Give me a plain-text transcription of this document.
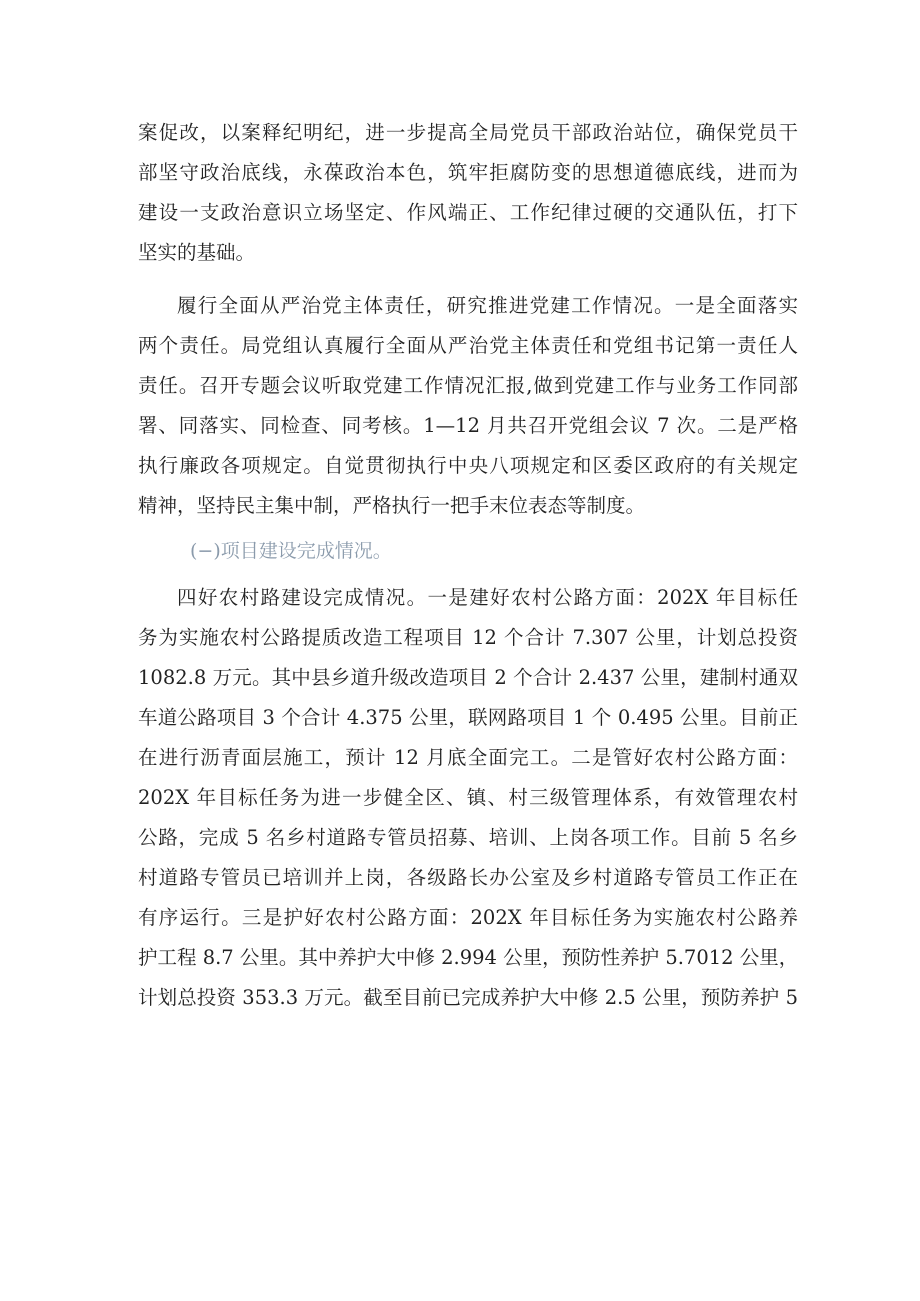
案促改，以案释纪明纪，进一步提高全局党员干部政治站位，确保党员干
部坚守政治底线，永葆政治本色，筑牢拒腐防变的思想道德底线，进而为
建设一支政治意识立场坚定、作风端正、工作纪律过硬的交通队伍，打下
坚实的基础。
履行全面从严治党主体责任，研究推进党建工作情况。一是全面落实
两个责任。局党组认真履行全面从严治党主体责任和党组书记第一责任人
责任。召开专题会议听取党建工作情况汇报,做到党建工作与业务工作同部
署、同落实、同检查、同考核。1—12 月共召开党组会议 7 次。二是严格
执行廉政各项规定。自觉贯彻执行中央八项规定和区委区政府的有关规定
精神，坚持民主集中制，严格执行一把手末位表态等制度。
(−)项目建设完成情况。
四好农村路建设完成情况。一是建好农村公路方面：202X 年目标任
务为实施农村公路提质改造工程项目 12 个合计 7.307 公里，计划总投资
1082.8 万元。其中县乡道升级改造项目 2 个合计 2.437 公里，建制村通双
车道公路项目 3 个合计 4.375 公里，联网路项目 1 个 0.495 公里。目前正
在进行沥青面层施工，预计 12 月底全面完工。二是管好农村公路方面：
202X 年目标任务为进一步健全区、镇、村三级管理体系，有效管理农村
公路，完成 5 名乡村道路专管员招募、培训、上岗各项工作。目前 5 名乡
村道路专管员已培训并上岗，各级路长办公室及乡村道路专管员工作正在
有序运行。三是护好农村公路方面：202X 年目标任务为实施农村公路养
护工程 8.7 公里。其中养护大中修 2.994 公里，预防性养护 5.7012 公里，
计划总投资 353.3 万元。截至目前已完成养护大中修 2.5 公里，预防养护 5
